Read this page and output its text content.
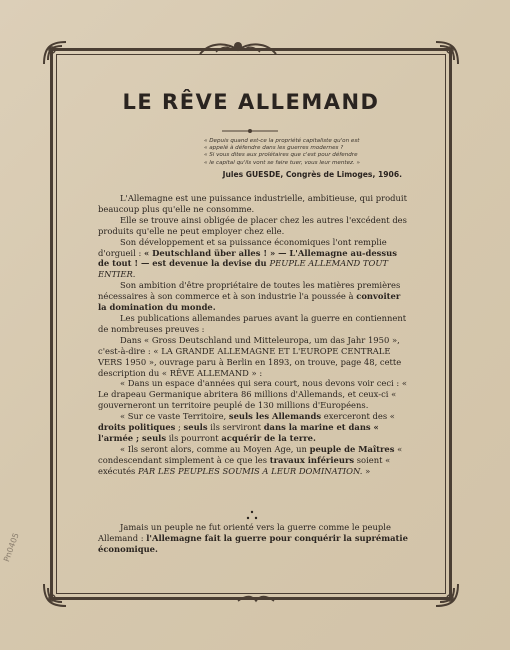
LE RÊVE ALLEMAND

« Depuis quand est-ce la propriété capitaliste qu'on est

« appelé à défendre dans les guerres modernes ?

« Si vous dites aux prolétaires que c'est pour défendre

« le capital qu'ils vont se faire tuer, vous leur mentez. »

Jules GUESDE, Congrès de Limoges, 1906.

L'Allemagne est une puissance industrielle, ambitieuse, qui produit beaucoup plus qu'elle ne consomme.

Elle se trouve ainsi obligée de placer chez les autres l'excédent des produits qu'elle ne peut employer chez elle.

Son développement et sa puissance économiques l'ont remplie d'orgueil : « Deutschland über alles ! » — L'Allemagne au-dessus de tout ! — est devenue la devise du PEUPLE ALLEMAND TOUT ENTIER.

Son ambition d'être propriétaire de toutes les matières premières nécessaires à son commerce et à son industrie l'a poussée à convoiter la domination du monde.

Les publications allemandes parues avant la guerre en contiennent de nombreuses preuves :

Dans « Gross Deutschland und Mitteleuropa, um das Jahr 1950 », c'est-à-dire : « LA GRANDE ALLEMAGNE ET L'EUROPE CENTRALE VERS 1950 », ouvrage paru à Berlin en 1893, on trouve, page 48, cette description du « RÊVE ALLEMAND » :

« Dans un espace d'années qui sera court, nous devons voir ceci : « Le drapeau Germanique abritera 86 millions d'Allemands, et ceux-ci « gouverneront un territoire peuplé de 130 millions d'Européens.

« Sur ce vaste Territoire, seuls les Allemands exerceront des « droits politiques ; seuls ils serviront dans la marine et dans « l'armée ; seuls ils pourront acquérir de la terre.

« Ils seront alors, comme au Moyen Age, un peuple de Maîtres « condescendant simplement à ce que les travaux inférieurs soient « exécutés PAR LES PEUPLES SOUMIS A LEUR DOMINATION. »

Jamais un peuple ne fut orienté vers la guerre comme le peuple Allemand : l'Allemagne fait la guerre pour conquérir la suprématie économique.

Pn0405
